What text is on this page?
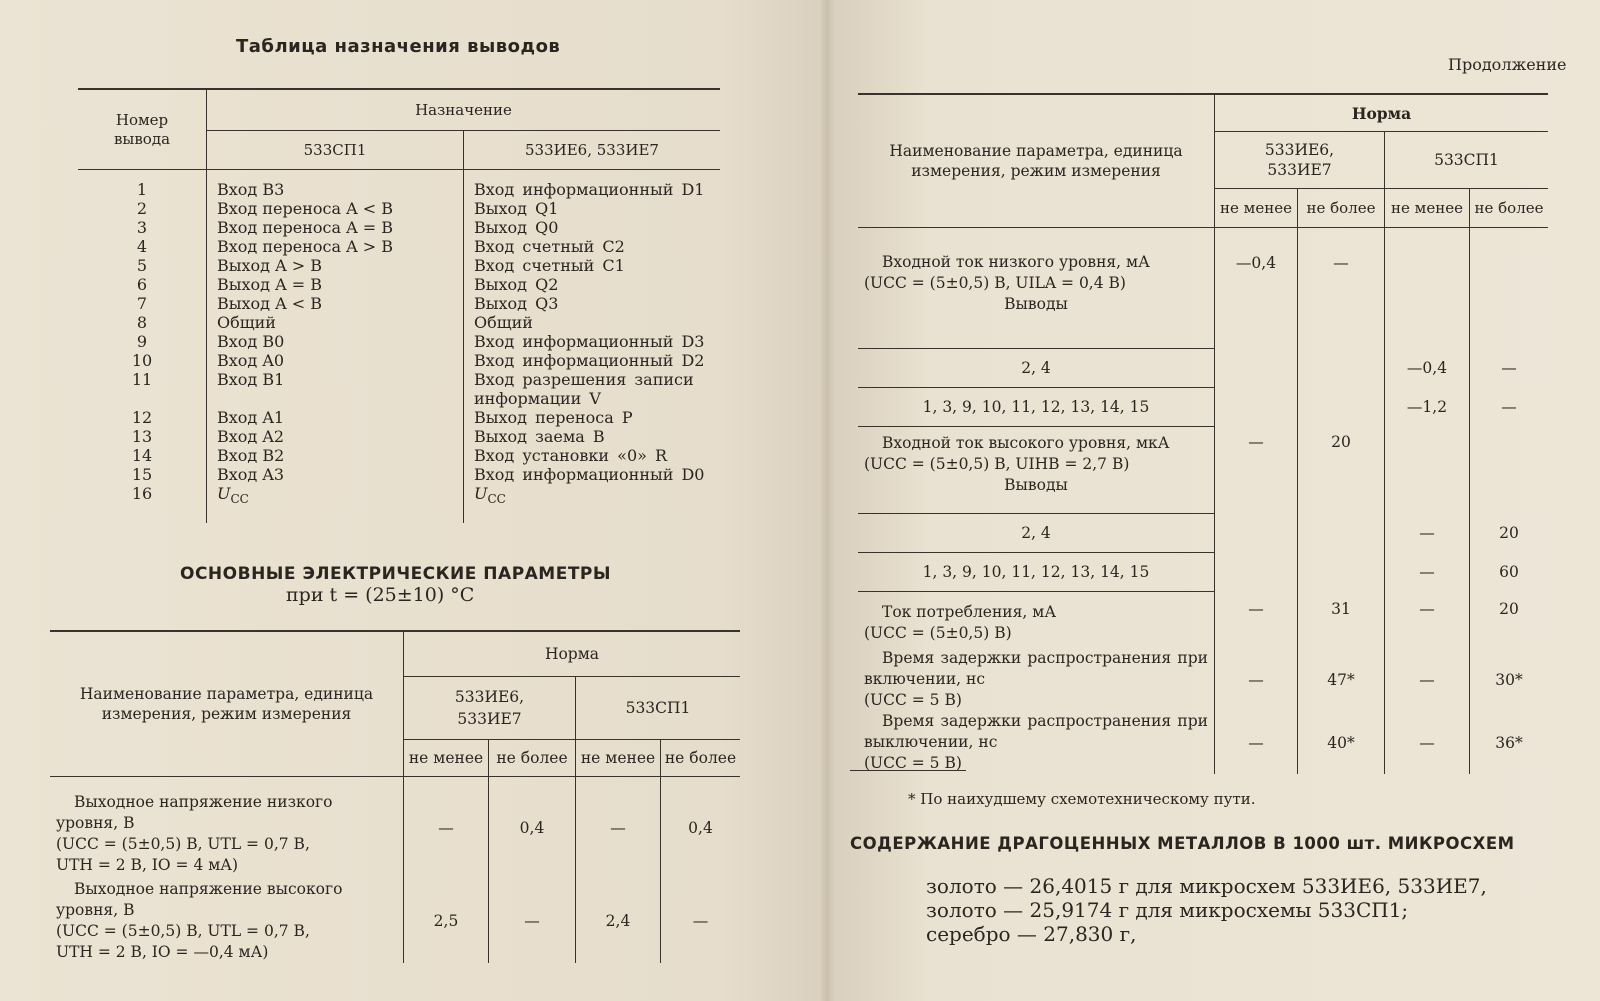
Таблица назначения выводов
Номер вывода	Назначение	
	533СП1	533ИЕ6, 533ИЕ7

1	Вход B3	Вход информационный D1
2	Вход переноса A < B	Выход Q1
3	Вход переноса A = B	Выход Q0
4	Вход переноса A > B	Вход счетный C2
5	Выход A > B	Вход счетный C1
6	Выход A = B	Выход Q2
7	Выход A < B	Выход Q3
8	Общий	Общий
9	Вход B0	Вход информационный D3
10	Вход A0	Вход информационный D2
11	Вход B1	Вход разрешения записи информации V
12	Вход A1	Выход переноса P
13	Вход A2	Выход заема B
14	Вход B2	Вход установки «0» R
15	Вход A3	Вход информационный D0
16	$U_{CC}$	$U_{CC}$

ОСНОВНЫЕ ЭЛЕКТРИЧЕСКИЕ ПАРАМЕТРЫ
при t = (25±10) °C
Наименование параметра, единица измерения, режим измерения	Норма			
	533ИЕ6,
533ИЕ7		533СП1	
	не менее	не более	не менее	не более

Выходное напряжение низкого уровня, В
(UCC = (5±0,5) В, UTL = 0,7 В,
UTH = 2 В, IO = 4 мА)	—	0,4	—	0,4

Выходное напряжение высокого уровня, В
(UCC = (5±0,5) В, UTL = 0,7 В,
UTH = 2 В, IO = —0,4 мА)	2,5	—	2,4	—
Продолжение
Наименование параметра, единица измерения, режим измерения	Норма			
	533ИЕ6,
533ИЕ7		533СП1	
	не менее	не более	не менее	не более

Входной ток низкого уровня, мА
(UCC = (5±0,5) В, UILA = 0,4 В)
Выводы	—0,4	—		
2, 4			—0,4	—
1, 3, 9, 10, 11, 12, 13, 14, 15			—1,2	—

Входной ток высокого уровня, мкА
(UCC = (5±0,5) В, UIHB = 2,7 В)
Выводы	—	20		
2, 4			—	20
1, 3, 9, 10, 11, 12, 13, 14, 15			—	60

Ток потребления, мА
(UCC = (5±0,5) В)	—	31	—	20

Время задержки распространения при включении, нс
(UCC = 5 В)	—	47*	—	30*

Время задержки распространения при выключении, нс
(UCC = 5 В)	—	40*	—	36*
* По наихудшему схемотехническому пути.
СОДЕРЖАНИЕ ДРАГОЦЕННЫХ МЕТАЛЛОВ В 1000 шт. МИКРОСХЕМ
золото — 26,4015 г для микросхем 533ИЕ6, 533ИЕ7,
золото — 25,9174 г для микросхемы 533СП1;
серебро — 27,830 г,
